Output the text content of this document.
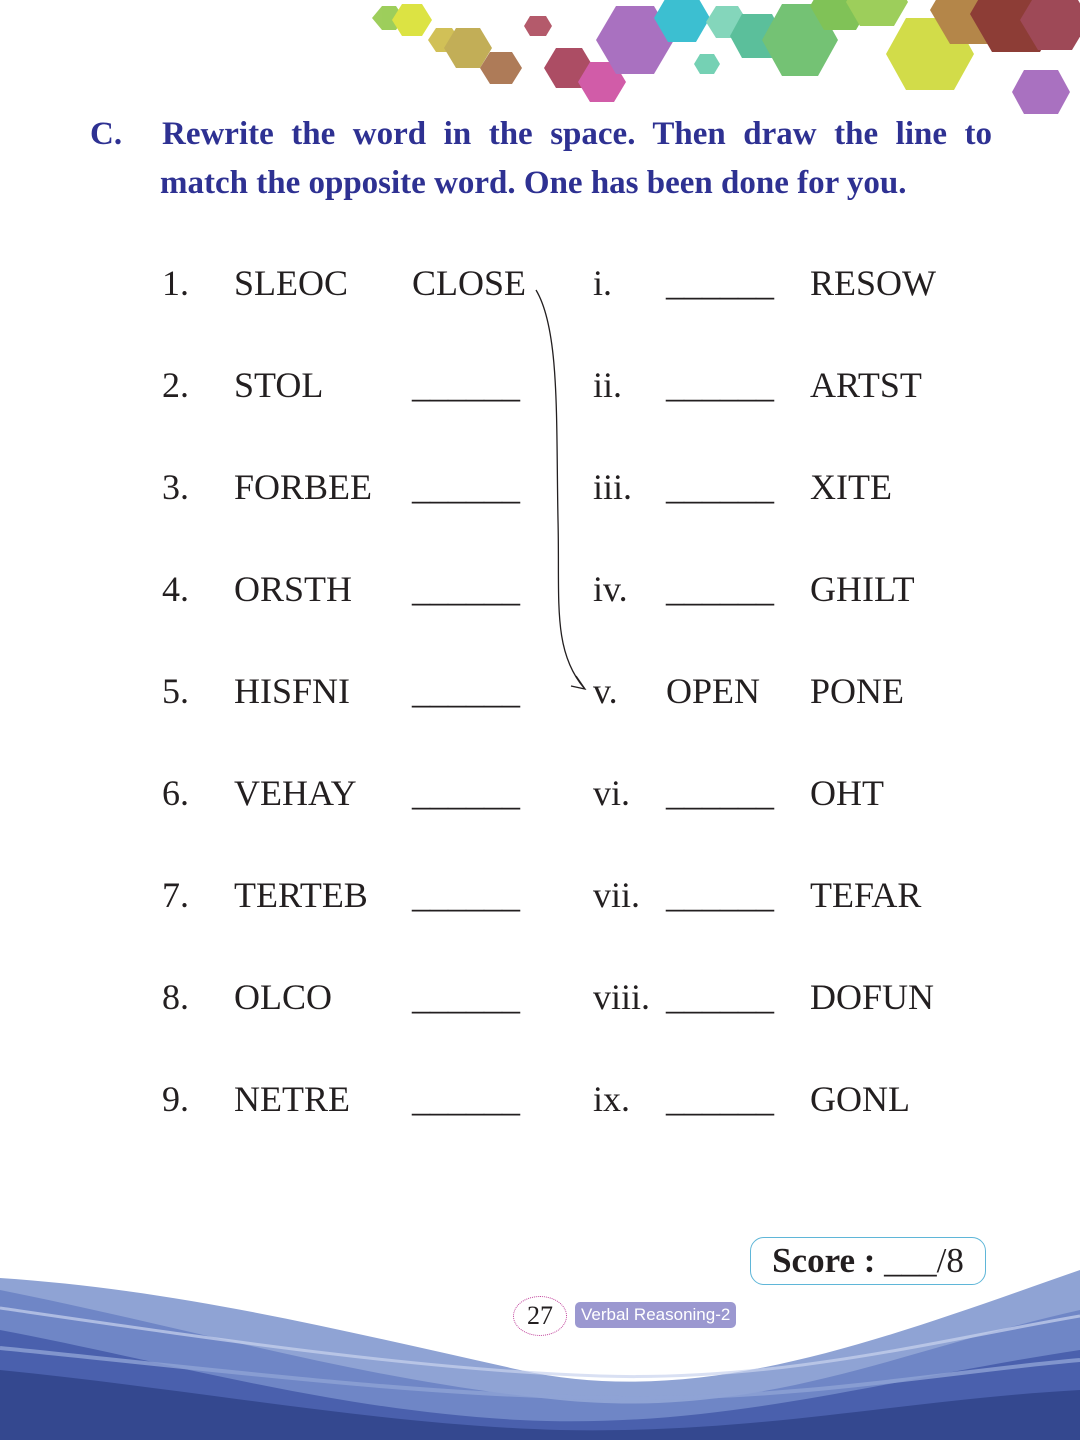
C. Rewrite the word in the space. Then draw the line to
match the opposite word. One has been done for you.
1. SLEOC CLOSE i. ______ RESOW
2. STOL ______ ii. ______ ARTST
3. FORBEE ______ iii. ______ XITE
4. ORSTH ______ iv. ______ GHILT
5. HISFNI ______ v. OPEN PONE
6. VEHAY ______ vi. ______ OHT
7. TERTEB ______ vii. ______ TEFAR
8. OLCO ______ viii. ______ DOFUN
9. NETRE ______ ix. ______ GONL
Score : ___/8
27	Verbal Reasoning-2
